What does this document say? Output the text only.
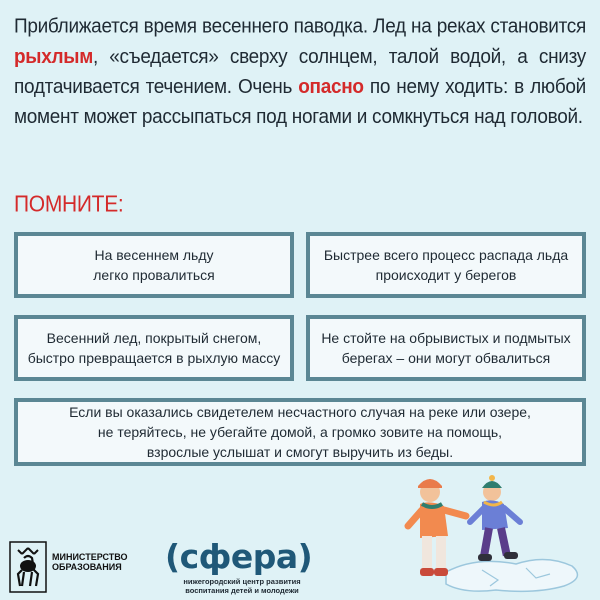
Приближается время весеннего паводка. Лед на реках становится рыхлым, «съедается» сверху солнцем, талой водой, а снизу подтачивается течением. Очень опасно по нему ходить: в любой момент может рассыпаться под ногами и сомкнуться над головой.
ПОМНИТЕ:
На весеннем льду
легко провалиться
Быстрее всего процесс распада льда
происходит у берегов
Весенний лед, покрытый снегом,
быстро превращается в рыхлую массу
Не стойте на обрывистых и подмытых
берегах – они могут обвалиться
Если вы оказались свидетелем несчастного случая на реке или озере,
не теряйтесь, не убегайте домой, а громко зовите на помощь,
взрослые услышат и смогут выручить из беды.
МИНИСТЕРСТВО
ОБРАЗОВАНИЯ (сфера)
нижегородский центр развития
воспитания детей и молодежи
